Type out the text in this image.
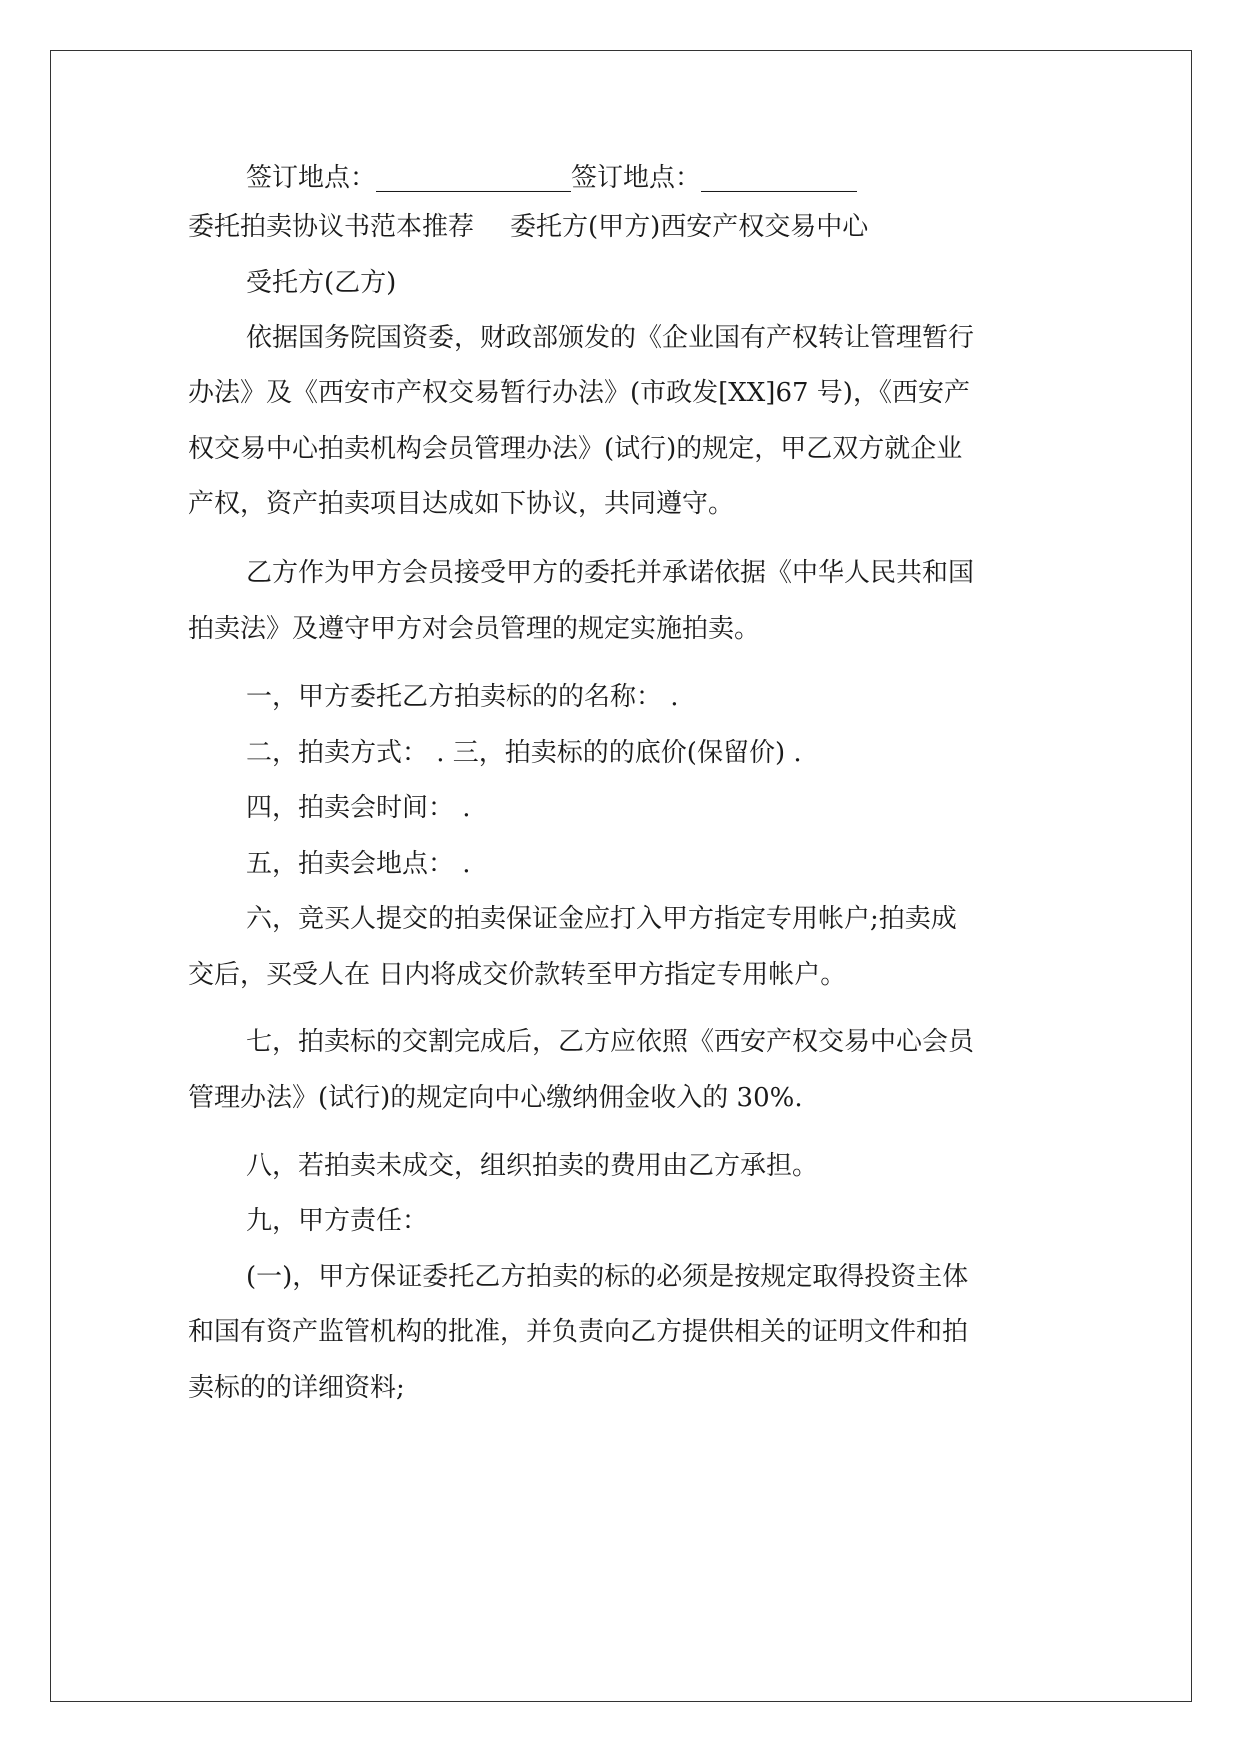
签订地点：_______________签订地点：____________
委托拍卖协议书范本推荐 委托方(甲方)西安产权交易中心
受托方(乙方)
依据国务院国资委，财政部颁发的《企业国有产权转让管理暂行
办法》及《西安市产权交易暂行办法》(市政发[XX]67 号)，《西安产
权交易中心拍卖机构会员管理办法》(试行)的规定，甲乙双方就企业
产权，资产拍卖项目达成如下协议，共同遵守。
乙方作为甲方会员接受甲方的委托并承诺依据《中华人民共和国
拍卖法》及遵守甲方对会员管理的规定实施拍卖。
一，甲方委托乙方拍卖标的的名称： .
二，拍卖方式： . 三，拍卖标的的底价(保留价) .
四，拍卖会时间： .
五，拍卖会地点： .
六，竞买人提交的拍卖保证金应打入甲方指定专用帐户;拍卖成
交后，买受人在 日内将成交价款转至甲方指定专用帐户。
七，拍卖标的交割完成后，乙方应依照《西安产权交易中心会员
管理办法》(试行)的规定向中心缴纳佣金收入的 30%.
八，若拍卖未成交，组织拍卖的费用由乙方承担。
九，甲方责任：
(一)，甲方保证委托乙方拍卖的标的必须是按规定取得投资主体
和国有资产监管机构的批准，并负责向乙方提供相关的证明文件和拍
卖标的的详细资料;
